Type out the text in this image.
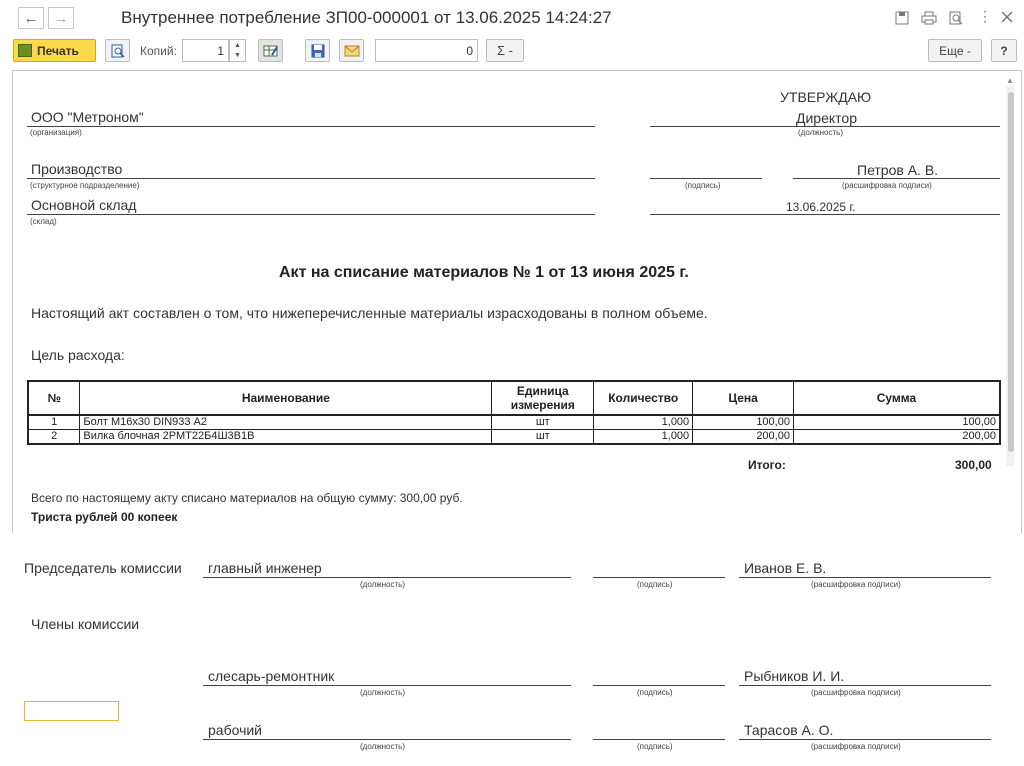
← →	Внутреннее потребление ЗП00-000001 от 13.06.2025 14:24:27	⋮
Печать	Копий:	1	▲
▼	0	Σ -	Еще -	?
▲
УТВЕРЖДАЮ
ООО "Метроном"
(организация)
Директор
(должность)
Производство
(структурное подразделение)	(подпись)
Петров А. В.
(расшифровка подписи)
Основной склад
(склад)
13.06.2025 г.
Акт на списание материалов № 1 от 13 июня 2025 г.
Настоящий акт составлен о том, что нижеперечисленные материалы израсходованы в полном объеме.
Цель расхода:
№	Наименование	Единица измерения	Количество	Цена	Сумма
1	Болт М16х30 DIN933 А2	шт	1,000	100,00	100,00
2	Вилка блочная 2РМТ22Б4Ш3В1В	шт	1,000	200,00	200,00
Итого:	300,00
Всего по настоящему акту списано материалов на общую сумму: 300,00 руб.
Триста рублей 00 копеек
Председатель комиссии главный инженер
(должность)	(подпись)
Иванов Е. В.
(расшифровка подписи)
Члены комиссии
слесарь-ремонтник
(должность)	(подпись)
Рыбников И. И.
(расшифровка подписи)
рабочий
(должность)	(подпись)
Тарасов А. О.
(расшифровка подписи)
